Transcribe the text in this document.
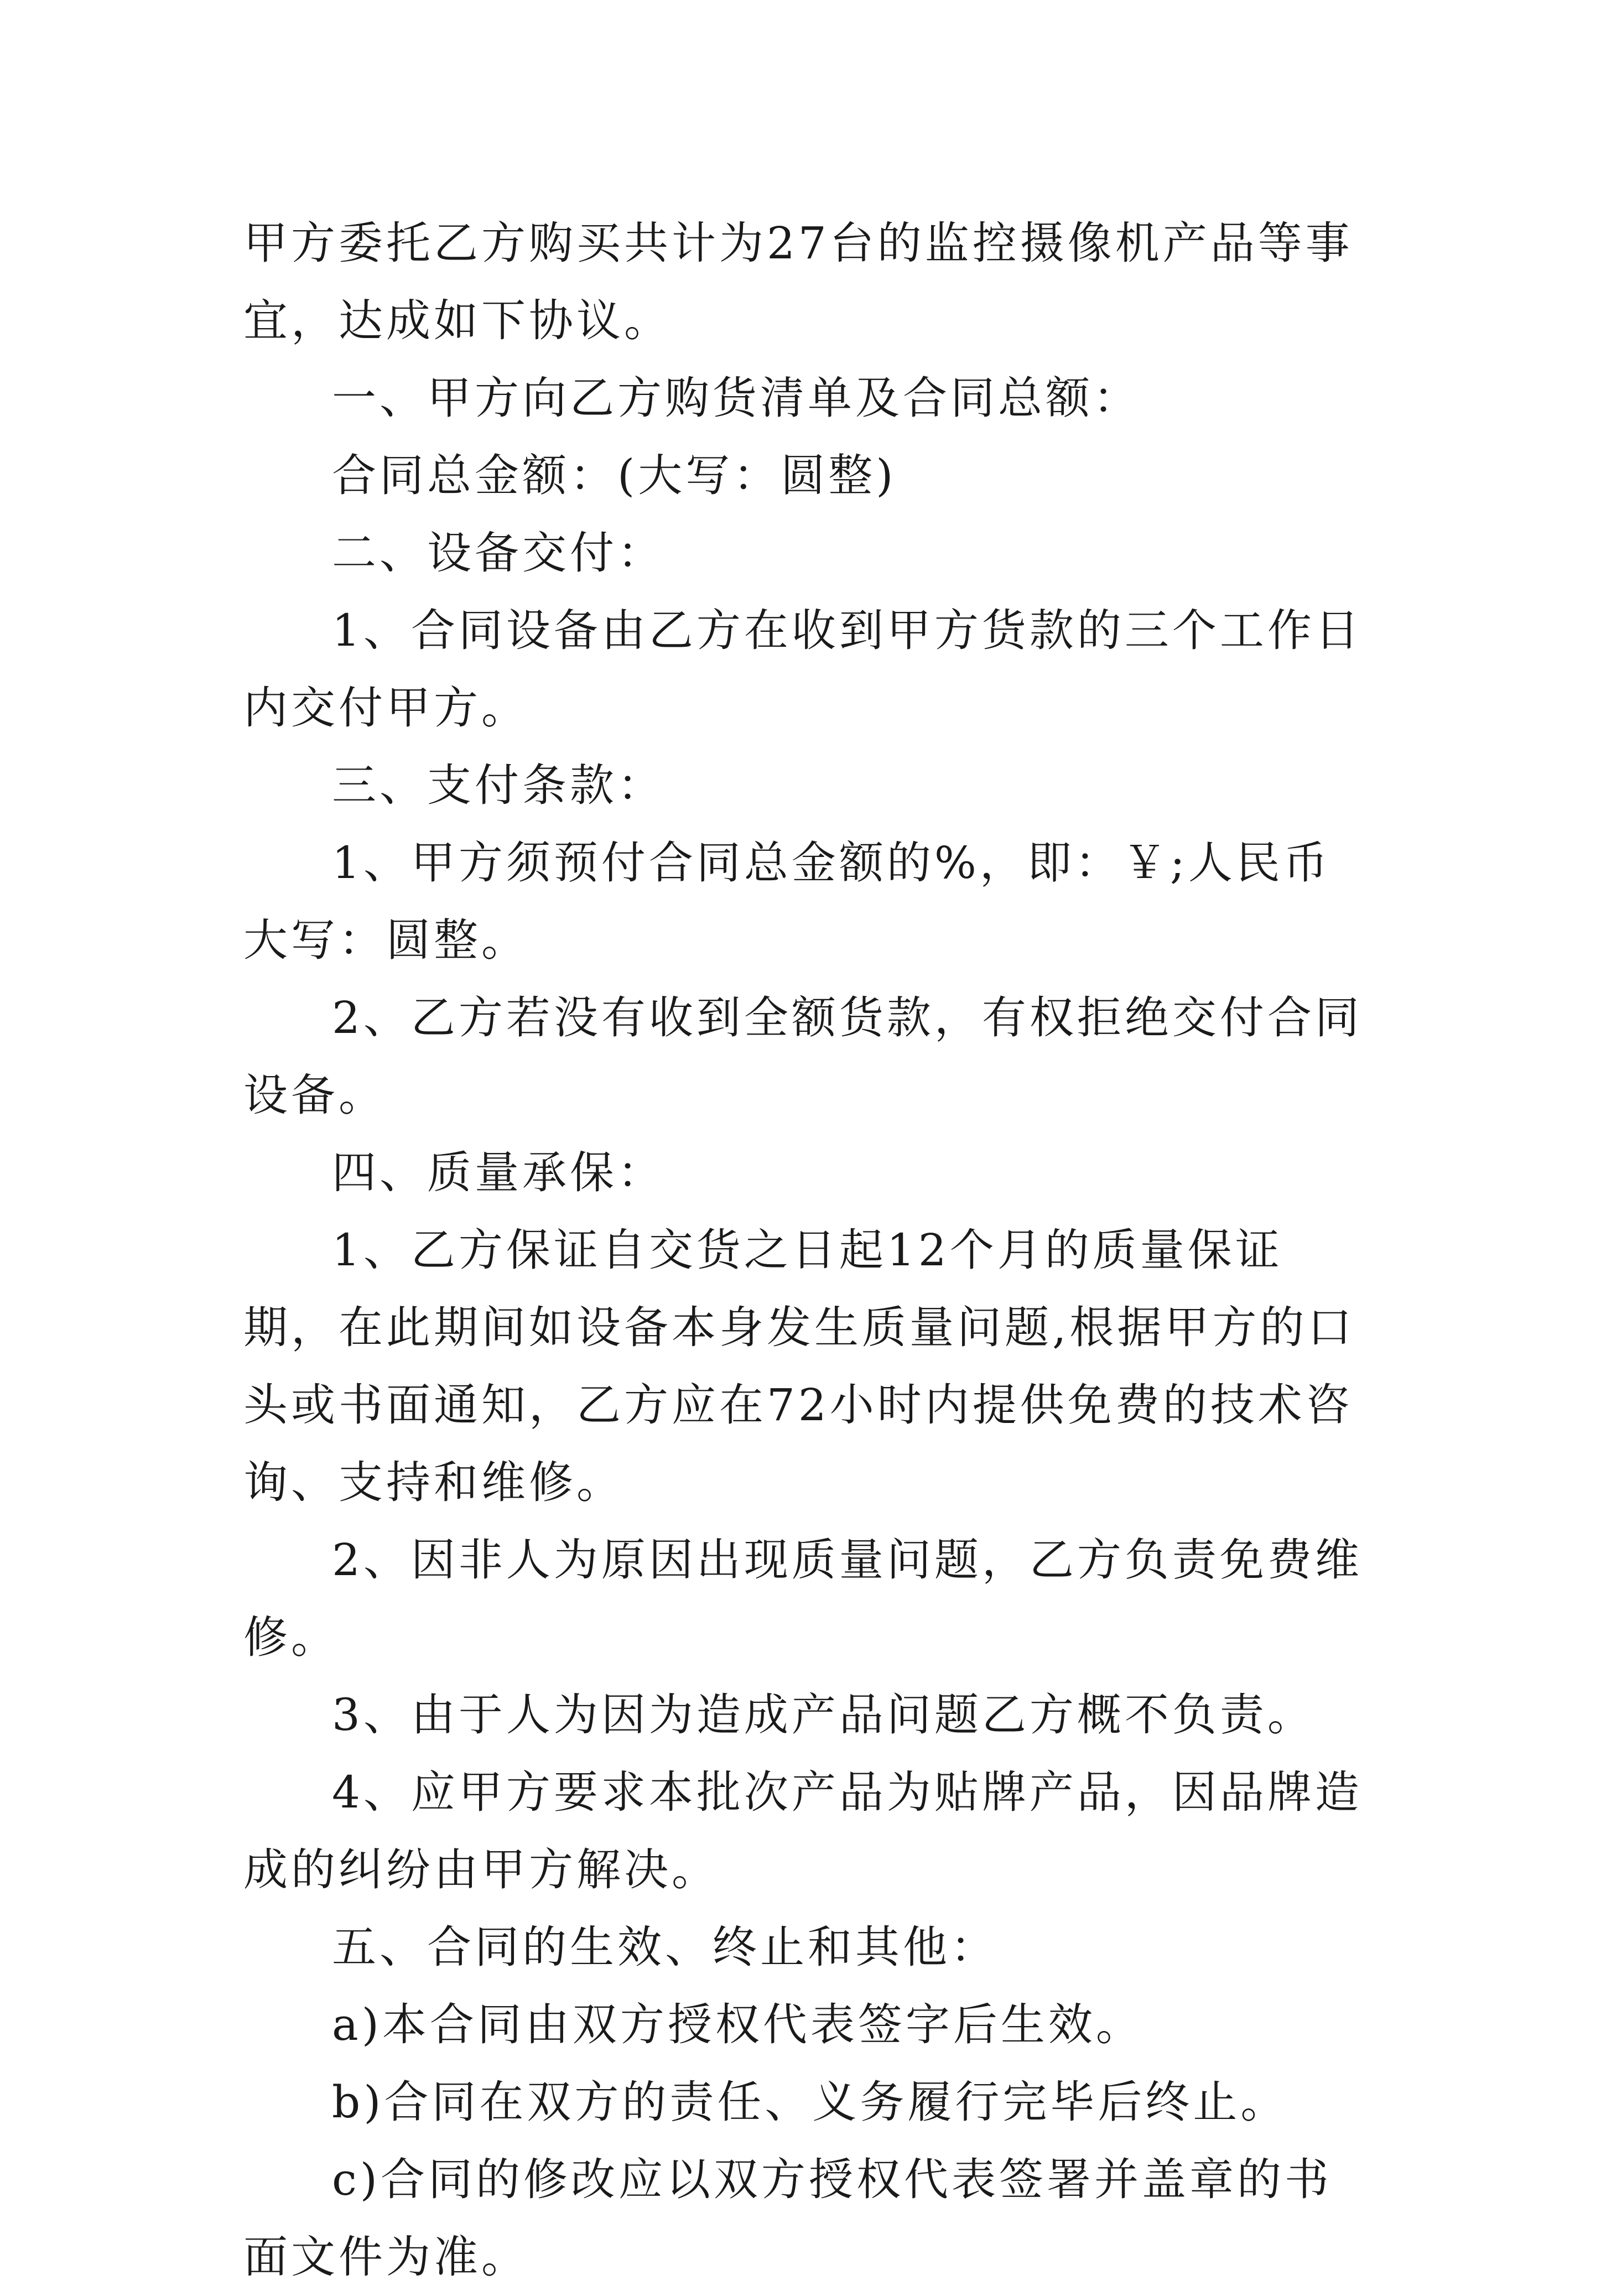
甲方委托乙方购买共计为27台的监控摄像机产品等事宜，达成如下协议。

一、甲方向乙方购货清单及合同总额：

合同总金额：(大写：圆整)

二、设备交付：

1、合同设备由乙方在收到甲方货款的三个工作日内交付甲方。

三、支付条款：

1、甲方须预付合同总金额的%，即：￥;人民币大写：圆整。

2、乙方若没有收到全额货款，有权拒绝交付合同设备。

四、质量承保：

1、乙方保证自交货之日起12个月的质量保证期，在此期间如设备本身发生质量问题,根据甲方的口头或书面通知，乙方应在72小时内提供免费的技术咨询、支持和维修。

2、因非人为原因出现质量问题，乙方负责免费维修。

3、由于人为因为造成产品问题乙方概不负责。

4、应甲方要求本批次产品为贴牌产品，因品牌造成的纠纷由甲方解决。

五、合同的生效、终止和其他：

a)本合同由双方授权代表签字后生效。

b)合同在双方的责任、义务履行完毕后终止。

c)合同的修改应以双方授权代表签署并盖章的书面文件为准。
